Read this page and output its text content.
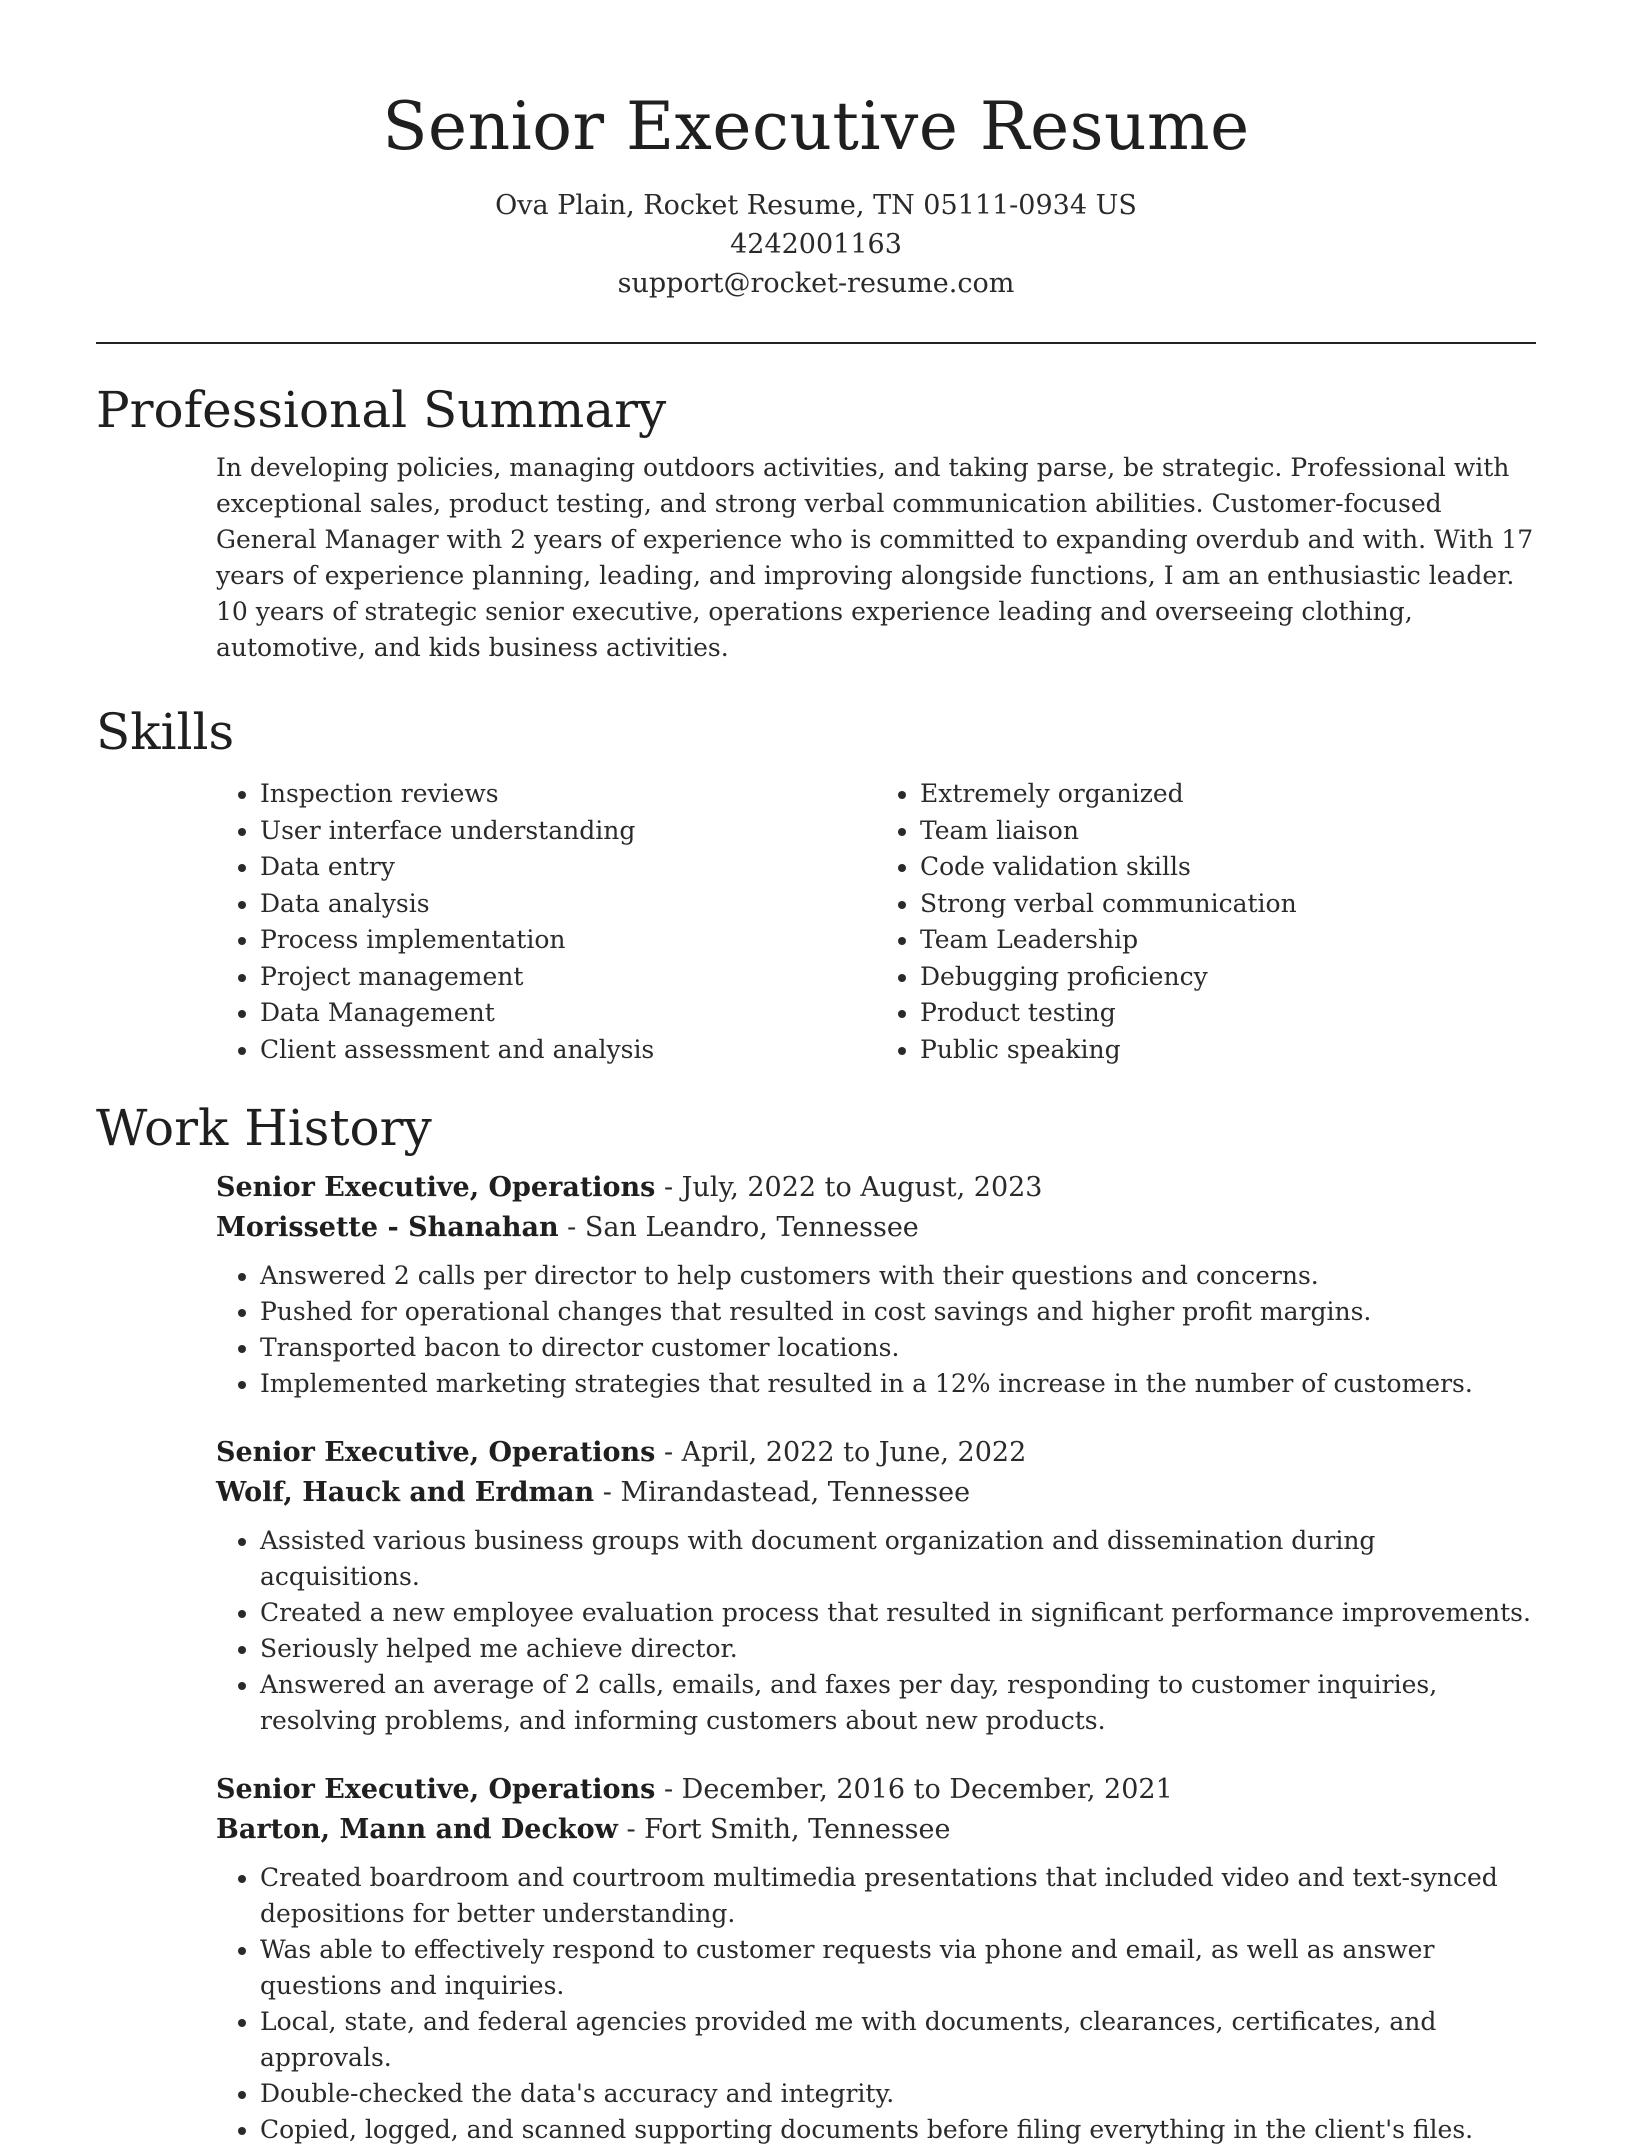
Senior Executive Resume
Ova Plain, Rocket Resume, TN 05111-0934 US
4242001163
support@rocket-resume.com
Professional Summary

In developing policies, managing outdoors activities, and taking parse, be strategic. Professional with exceptional sales, product testing, and strong verbal communication abilities. Customer-focused General Manager with 2 years of experience who is committed to expanding overdub and with. With 17 years of experience planning, leading, and improving alongside functions, I am an enthusiastic leader. 10 years of strategic senior executive, operations experience leading and overseeing clothing, automotive, and kids business activities.

Skills
• Inspection reviews
• User interface understanding
• Data entry
• Data analysis
• Process implementation
• Project management
• Data Management
• Client assessment and analysis
• Extremely organized
• Team liaison
• Code validation skills
• Strong verbal communication
• Team Leadership
• Debugging proficiency
• Product testing
• Public speaking
Work History
Senior Executive, Operations - July, 2022 to August, 2023
Morissette - Shanahan - San Leandro, Tennessee
• Answered 2 calls per director to help customers with their questions and concerns.
• Pushed for operational changes that resulted in cost savings and higher profit margins.
• Transported bacon to director customer locations.
• Implemented marketing strategies that resulted in a 12% increase in the number of customers.
Senior Executive, Operations - April, 2022 to June, 2022
Wolf, Hauck and Erdman - Mirandastead, Tennessee
• Assisted various business groups with document organization and dissemination during acquisitions.
• Created a new employee evaluation process that resulted in significant performance improvements.
• Seriously helped me achieve director.
• Answered an average of 2 calls, emails, and faxes per day, responding to customer inquiries, resolving problems, and informing customers about new products.
Senior Executive, Operations - December, 2016 to December, 2021
Barton, Mann and Deckow - Fort Smith, Tennessee
• Created boardroom and courtroom multimedia presentations that included video and text-synced depositions for better understanding.
• Was able to effectively respond to customer requests via phone and email, as well as answer questions and inquiries.
• Local, state, and federal agencies provided me with documents, clearances, certificates, and approvals.
• Double-checked the data's accuracy and integrity.
• Copied, logged, and scanned supporting documents before filing everything in the client's files.
